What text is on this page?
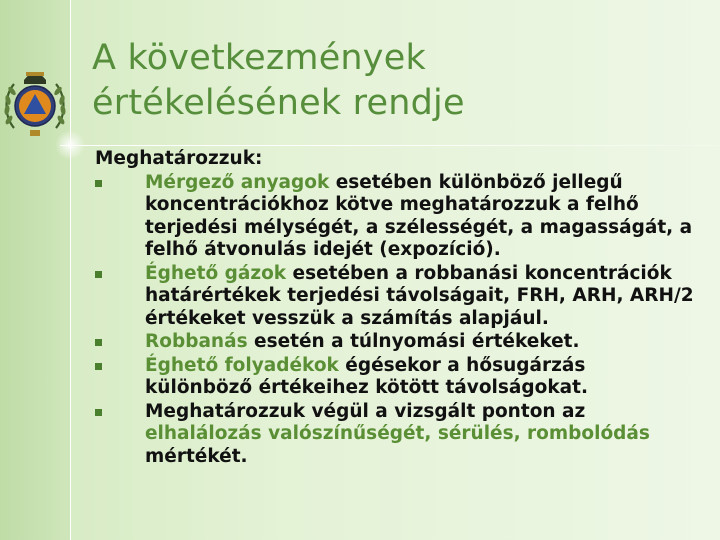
A következmények
értékelésének rendje
Meghatározzuk:
Mérgező anyagok esetében különböző jellegű koncentrációkhoz kötve meghatározzuk a felhő terjedési mélységét, a szélességét, a magasságát, a felhő átvonulás idejét (expozíció).
Éghető gázok esetében a robbanási koncentrációk határértékek terjedési távolságait, FRH, ARH, ARH/2 értékeket vesszük a számítás alapjául.
Robbanás esetén a túlnyomási értékeket.
Éghető folyadékok égésekor a hősugárzás különböző értékeihez kötött távolságokat.
Meghatározzuk végül a vizsgált ponton az elhalálozás valószínűségét, sérülés, rombolódás mértékét.
